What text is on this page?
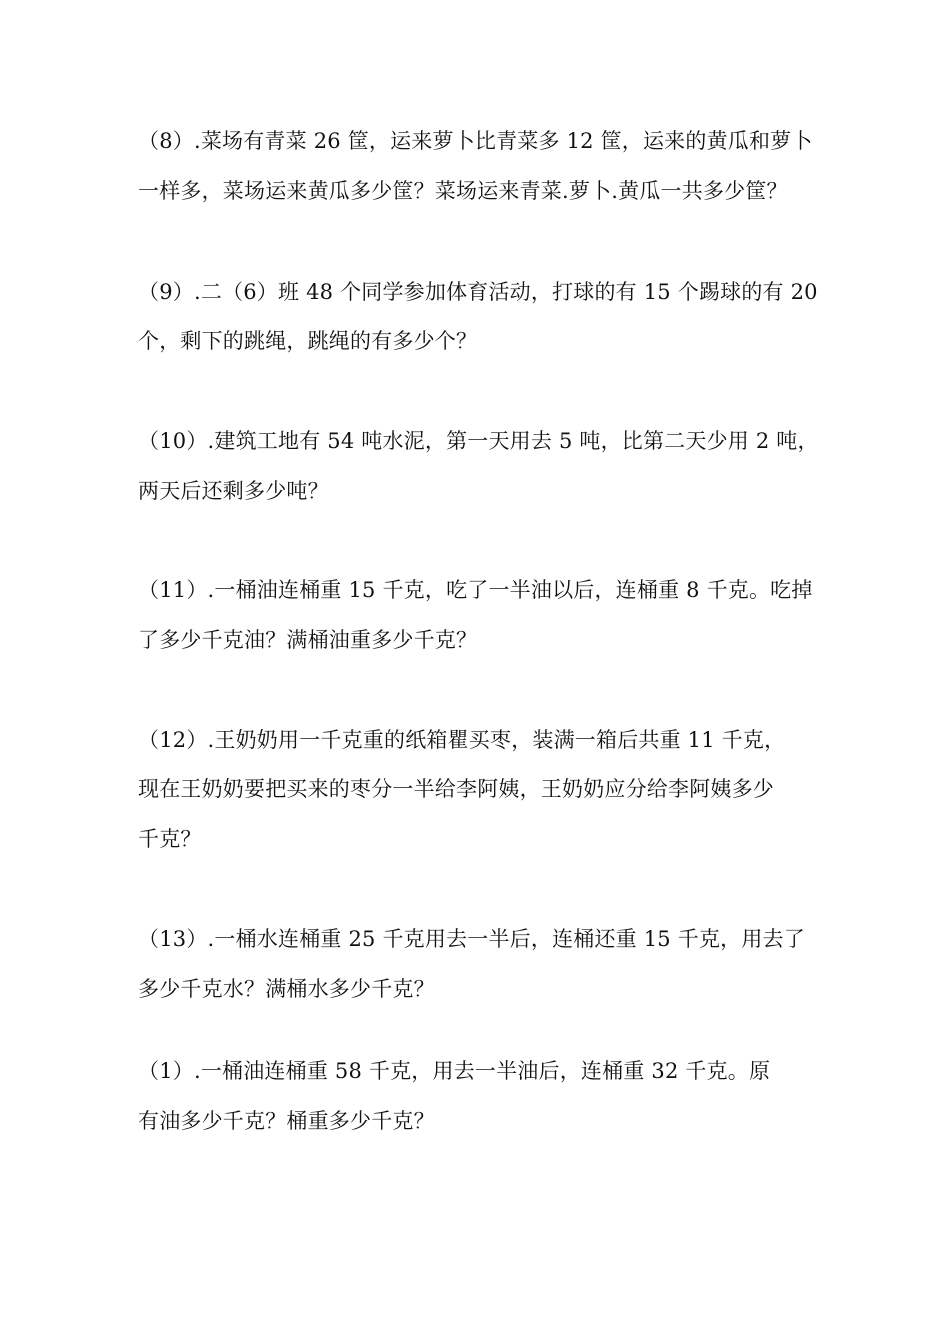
（8）.菜场有青菜 26 筐，运来萝卜比青菜多 12 筐，运来的黄瓜和萝卜
一样多，菜场运来黄瓜多少筐？菜场运来青菜.萝卜.黄瓜一共多少筐？
（9）.二（6）班 48 个同学参加体育活动，打球的有 15 个踢球的有 20
个，剩下的跳绳，跳绳的有多少个？
（10）.建筑工地有 54 吨水泥，第一天用去 5 吨，比第二天少用 2 吨，
两天后还剩多少吨？
（11）.一桶油连桶重 15 千克，吃了一半油以后，连桶重 8 千克。吃掉
了多少千克油？满桶油重多少千克？
（12）.王奶奶用一千克重的纸箱瞿买枣，装满一箱后共重 11 千克，
现在王奶奶要把买来的枣分一半给李阿姨，王奶奶应分给李阿姨多少
千克？
（13）.一桶水连桶重 25 千克用去一半后，连桶还重 15 千克，用去了
多少千克水？满桶水多少千克？
（1）.一桶油连桶重 58 千克，用去一半油后，连桶重 32 千克。原
有油多少千克？桶重多少千克？
